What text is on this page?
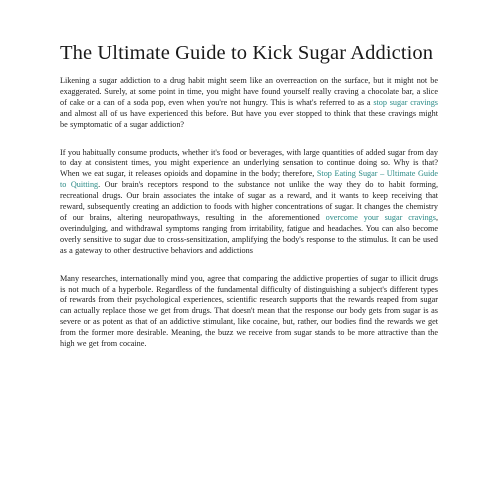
The Ultimate Guide to Kick Sugar Addiction

Likening a sugar addiction to a drug habit might seem like an overreaction on the surface, but it might not be exaggerated. Surely, at some point in time, you might have found yourself really craving a chocolate bar, a slice of cake or a can of a soda pop, even when you're not hungry. This is what's referred to as a stop sugar cravings and almost all of us have experienced this before. But have you ever stopped to think that these cravings might be symptomatic of a sugar addiction?

If you habitually consume products, whether it's food or beverages, with large quantities of added sugar from day to day at consistent times, you might experience an underlying sensation to continue doing so. Why is that? When we eat sugar, it releases opioids and dopamine in the body; therefore, Stop Eating Sugar – Ultimate Guide to Quitting. Our brain's receptors respond to the substance not unlike the way they do to habit forming, recreational drugs. Our brain associates the intake of sugar as a reward, and it wants to keep receiving that reward, subsequently creating an addiction to foods with higher concentrations of sugar. It changes the chemistry of our brains, altering neuropathways, resulting in the aforementioned overcome your sugar cravings, overindulging, and withdrawal symptoms ranging from irritability, fatigue and headaches. You can also become overly sensitive to sugar due to cross-sensitization, amplifying the body's response to the stimulus. It can be used as a gateway to other destructive behaviors and addictions

Many researches, internationally mind you, agree that comparing the addictive properties of sugar to illicit drugs is not much of a hyperbole. Regardless of the fundamental difficulty of distinguishing a subject's different types of rewards from their psychological experiences, scientific research supports that the rewards reaped from sugar can actually replace those we get from drugs. That doesn't mean that the response our body gets from sugar is as severe or as potent as that of an addictive stimulant, like cocaine, but, rather, our bodies find the rewards we get from the former more desirable. Meaning, the buzz we receive from sugar stands to be more attractive than the high we get from cocaine.
